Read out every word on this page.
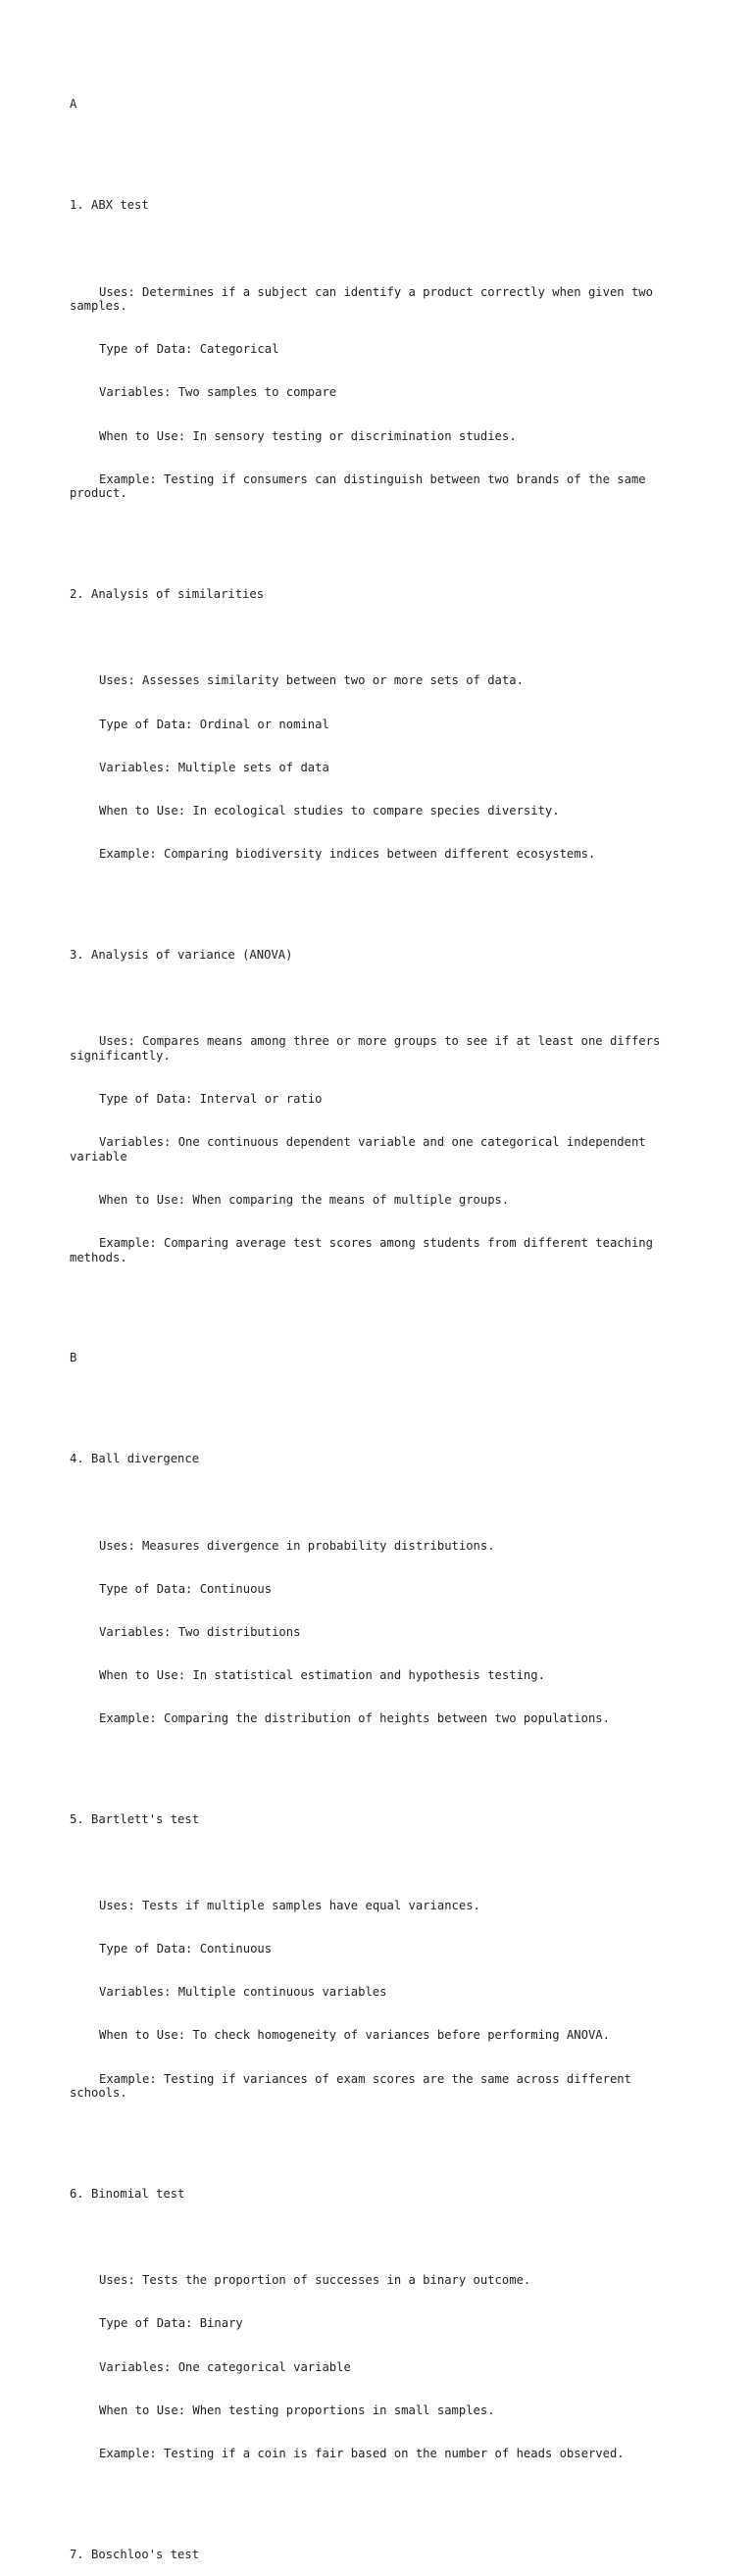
A

1. ABX test

Uses: Determines if a subject can identify a product correctly when given two samples.

Type of Data: Categorical

Variables: Two samples to compare

When to Use: In sensory testing or discrimination studies.

Example: Testing if consumers can distinguish between two brands of the same product.

2. Analysis of similarities

Uses: Assesses similarity between two or more sets of data.

Type of Data: Ordinal or nominal

Variables: Multiple sets of data

When to Use: In ecological studies to compare species diversity.

Example: Comparing biodiversity indices between different ecosystems.

3. Analysis of variance (ANOVA)

Uses: Compares means among three or more groups to see if at least one differs significantly.

Type of Data: Interval or ratio

Variables: One continuous dependent variable and one categorical independent variable

When to Use: When comparing the means of multiple groups.

Example: Comparing average test scores among students from different teaching methods.

B

4. Ball divergence

Uses: Measures divergence in probability distributions.

Type of Data: Continuous

Variables: Two distributions

When to Use: In statistical estimation and hypothesis testing.

Example: Comparing the distribution of heights between two populations.

5. Bartlett's test

Uses: Tests if multiple samples have equal variances.

Type of Data: Continuous

Variables: Multiple continuous variables

When to Use: To check homogeneity of variances before performing ANOVA.

Example: Testing if variances of exam scores are the same across different schools.

6. Binomial test

Uses: Tests the proportion of successes in a binary outcome.

Type of Data: Binary

Variables: One categorical variable

When to Use: When testing proportions in small samples.

Example: Testing if a coin is fair based on the number of heads observed.

7. Boschloo's test
